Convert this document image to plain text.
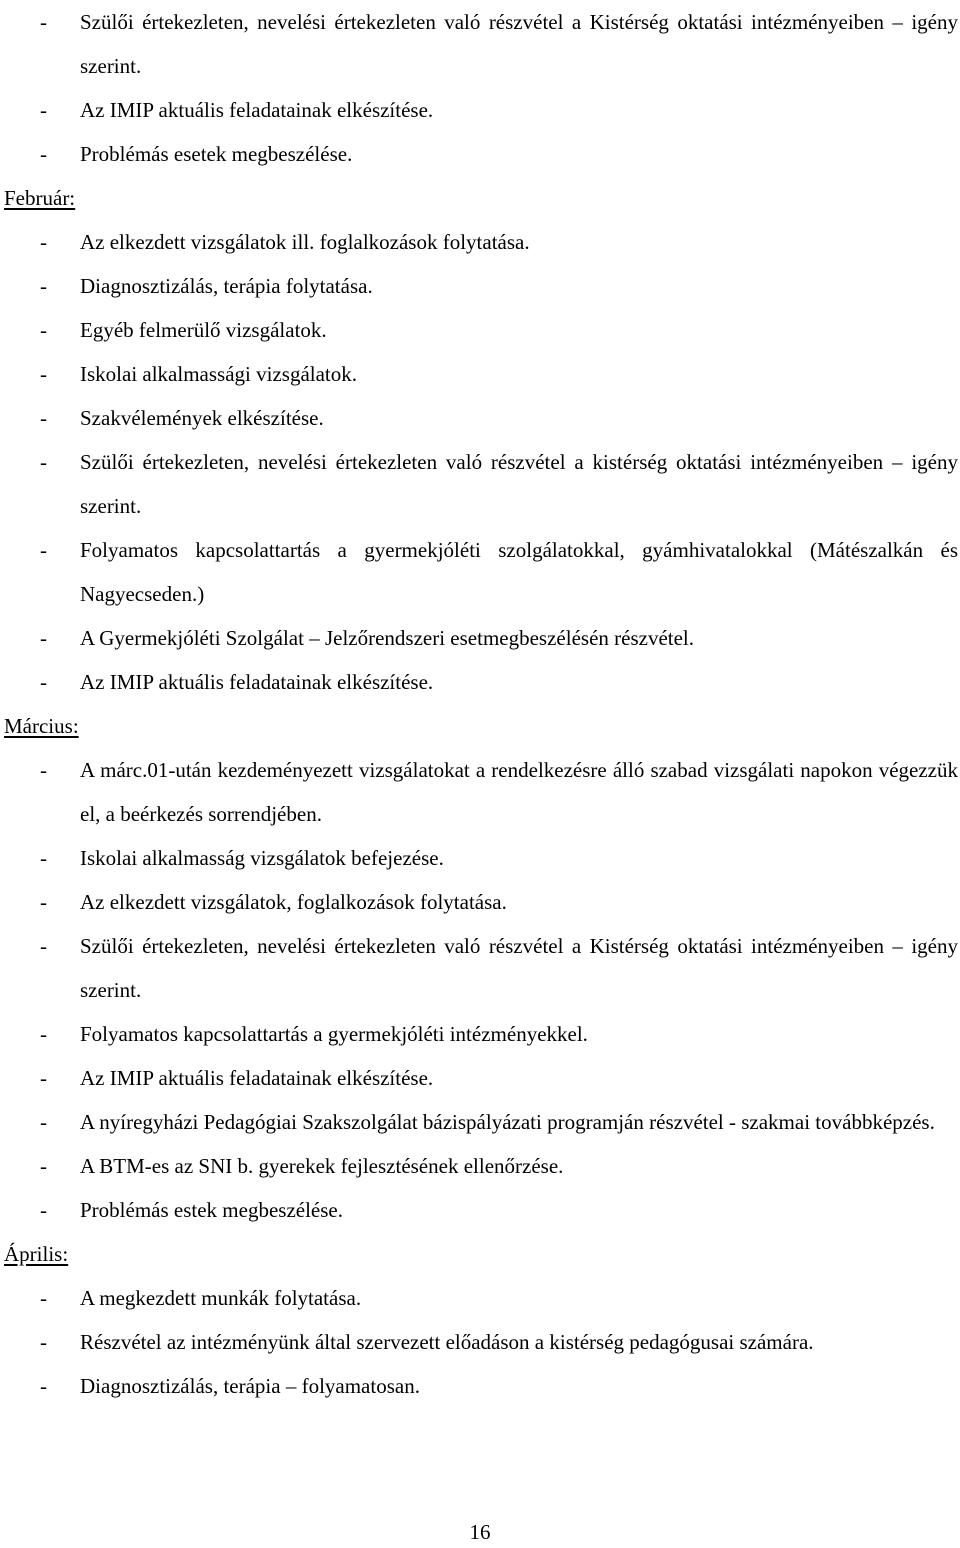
- Szülői értekezleten, nevelési értekezleten való részvétel a Kistérség oktatási intézményeiben – igény szerint.
- Az IMIP aktuális feladatainak elkészítése.
- Problémás esetek megbeszélése.

Február:

- Az elkezdett vizsgálatok ill. foglalkozások folytatása.
- Diagnosztizálás, terápia folytatása.
- Egyéb felmerülő vizsgálatok.
- Iskolai alkalmassági vizsgálatok.
- Szakvélemények elkészítése.
- Szülői értekezleten, nevelési értekezleten való részvétel a kistérség oktatási intézményeiben – igény szerint.
- Folyamatos kapcsolattartás a gyermekjóléti szolgálatokkal, gyámhivatalokkal (Mátészalkán és Nagyecseden.)
- A Gyermekjóléti Szolgálat – Jelzőrendszeri esetmegbeszélésén részvétel.
- Az IMIP aktuális feladatainak elkészítése.

Március:

- A márc.01-után kezdeményezett vizsgálatokat a rendelkezésre álló szabad vizsgálati napokon végezzük el, a beérkezés sorrendjében.
- Iskolai alkalmasság vizsgálatok befejezése.
- Az elkezdett vizsgálatok, foglalkozások folytatása.
- Szülői értekezleten, nevelési értekezleten való részvétel a Kistérség oktatási intézményeiben – igény szerint.
- Folyamatos kapcsolattartás a gyermekjóléti intézményekkel.
- Az IMIP aktuális feladatainak elkészítése.
- A nyíregyházi Pedagógiai Szakszolgálat bázispályázati programján részvétel - szakmai továbbképzés.
- A BTM-es az SNI b. gyerekek fejlesztésének ellenőrzése.
- Problémás estek megbeszélése.

Április:

- A megkezdett munkák folytatása.
- Részvétel az intézményünk által szervezett előadáson a kistérség pedagógusai számára.
- Diagnosztizálás, terápia – folyamatosan.
16
